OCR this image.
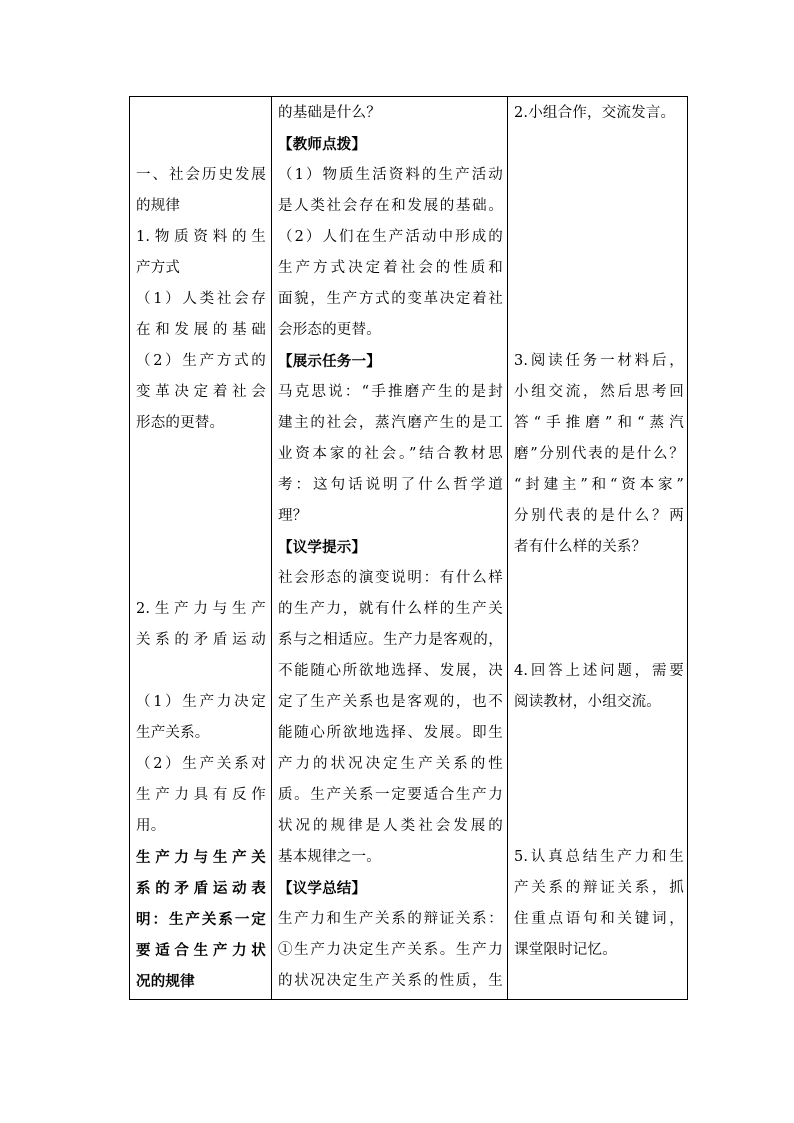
一、社会历史发展
的规律
1.物质资料的生
产方式
（1）人类社会存
在和发展的基础
（2）生产方式的
变革决定着社会
形态的更替。
2.生产力与生产
关系的矛盾运动
（1）生产力决定
生产关系。
（2）生产关系对
生产力具有反作
用。
生产力与生产关
系的矛盾运动表
明：生产关系一定
要适合生产力状
况的规律
的基础是什么？
【教师点拨】
（1）物质生活资料的生产活动
是人类社会存在和发展的基础。
（2）人们在生产活动中形成的
生产方式决定着社会的性质和
面貌，生产方式的变革决定着社
会形态的更替。
【展示任务一】
马克思说：“手推磨产生的是封
建主的社会，蒸汽磨产生的是工
业资本家的社会。”结合教材思
考：这句话说明了什么哲学道
理？
【议学提示】
社会形态的演变说明：有什么样
的生产力，就有什么样的生产关
系与之相适应。生产力是客观的，
不能随心所欲地选择、发展，决
定了生产关系也是客观的，也不
能随心所欲地选择、发展。即生
产力的状况决定生产关系的性
质。生产关系一定要适合生产力
状况的规律是人类社会发展的
基本规律之一。
【议学总结】
生产力和生产关系的辩证关系：
①生产力决定生产关系。生产力
的状况决定生产关系的性质，生
2.小组合作，交流发言。
3.阅读任务一材料后，
小组交流，然后思考回
答“手推磨”和“蒸汽
磨”分别代表的是什么？
“封建主”和“资本家”
分别代表的是什么？两
者有什么样的关系？
4.回答上述问题，需要
阅读教材，小组交流。
5.认真总结生产力和生
产关系的辩证关系，抓
住重点语句和关键词，
课堂限时记忆。
